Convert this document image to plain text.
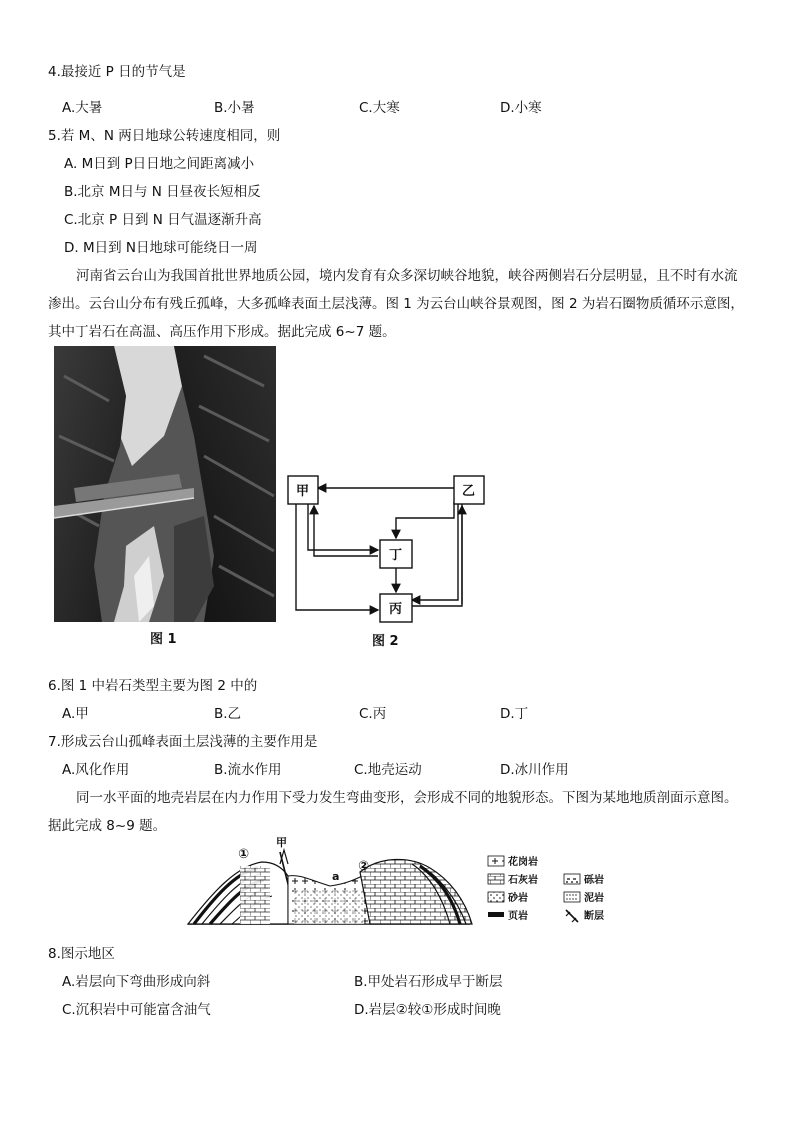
4.最接近 P 日的节气是
A.大暑	B.小暑	C.大寒	D.小寒
5.若 M、N 两日地球公转速度相同，则
A. M日到 P日日地之间距离减小
B.北京 M日与 N 日昼夜长短相反
C.北京 P 日到 N 日气温逐渐升高
D. M日到 N日地球可能绕日一周
河南省云台山为我国首批世界地质公园，境内发育有众多深切峡谷地貌，峡谷两侧岩石分层明显，且不时有水流渗出。云台山分布有残丘孤峰，大多孤峰表面土层浅薄。图 1 为云台山峡谷景观图，图 2 为岩石圈物质循环示意图，其中丁岩石在高温、高压作用下形成。据此完成 6~7 题。
图 1
甲	乙
丁
丙
图 2
6.图 1 中岩石类型主要为图 2 中的
A.甲	B.乙	C.丙	D.丁
7.形成云台山孤峰表面土层浅薄的主要作用是
A.风化作用	B.流水作用	C.地壳运动	D.冰川作用
同一水平面的地壳岩层在内力作用下受力发生弯曲变形，会形成不同的地貌形态。下图为某地地质剖面示意图。据此完成 8~9 题。
①
甲
a
②	花岗岩
石灰岩
砂岩
页岩
砾岩
泥岩
断层
8.图示地区
A.岩层向下弯曲形成向斜	B.甲处岩石形成早于断层
C.沉积岩中可能富含油气	D.岩层②较①形成时间晚
